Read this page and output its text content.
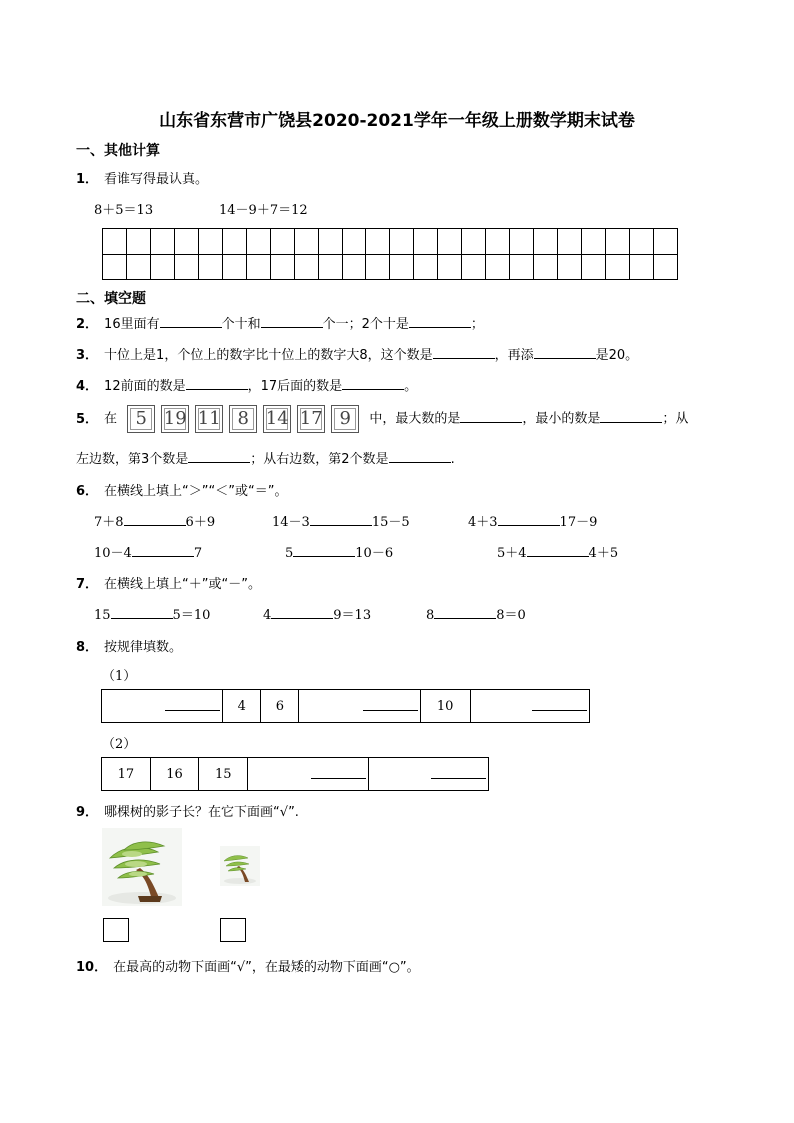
山东省东营市广饶县2020-2021学年一年级上册数学期末试卷
一、其他计算
1． 看谁写得最认真。
8＋5＝13	14－9＋7＝12

二、填空题
2． 16里面有	个十和	个一；2个十是	；
3． 十位上是1，个位上的数字比十位上的数字大8，这个数是	，再添	是20。
4． 12前面的数是	，17后面的数是	。
5． 在 5 19 11 8 14 17 9 中，最大数的是	，最小的数是	；从
左边数，第3个数是	；从右边数，第2个数是	.
6． 在横线上填上“＞”“＜”或“＝”。
7＋8	6＋9	14－3	15－5	4＋3	17－9
10－4	7	5	10－6	5＋4	4＋5
7． 在横线上填上“＋”或“－”。
15	5＝10	4	9＝13	8	8＝0
8． 按规律填数。
（1）
	4	6		10	
（2）
17	16	15		
9． 哪棵树的影子长？在它下面画“√”.
10． 在最高的动物下面画“√”，在最矮的动物下面画“○”。
